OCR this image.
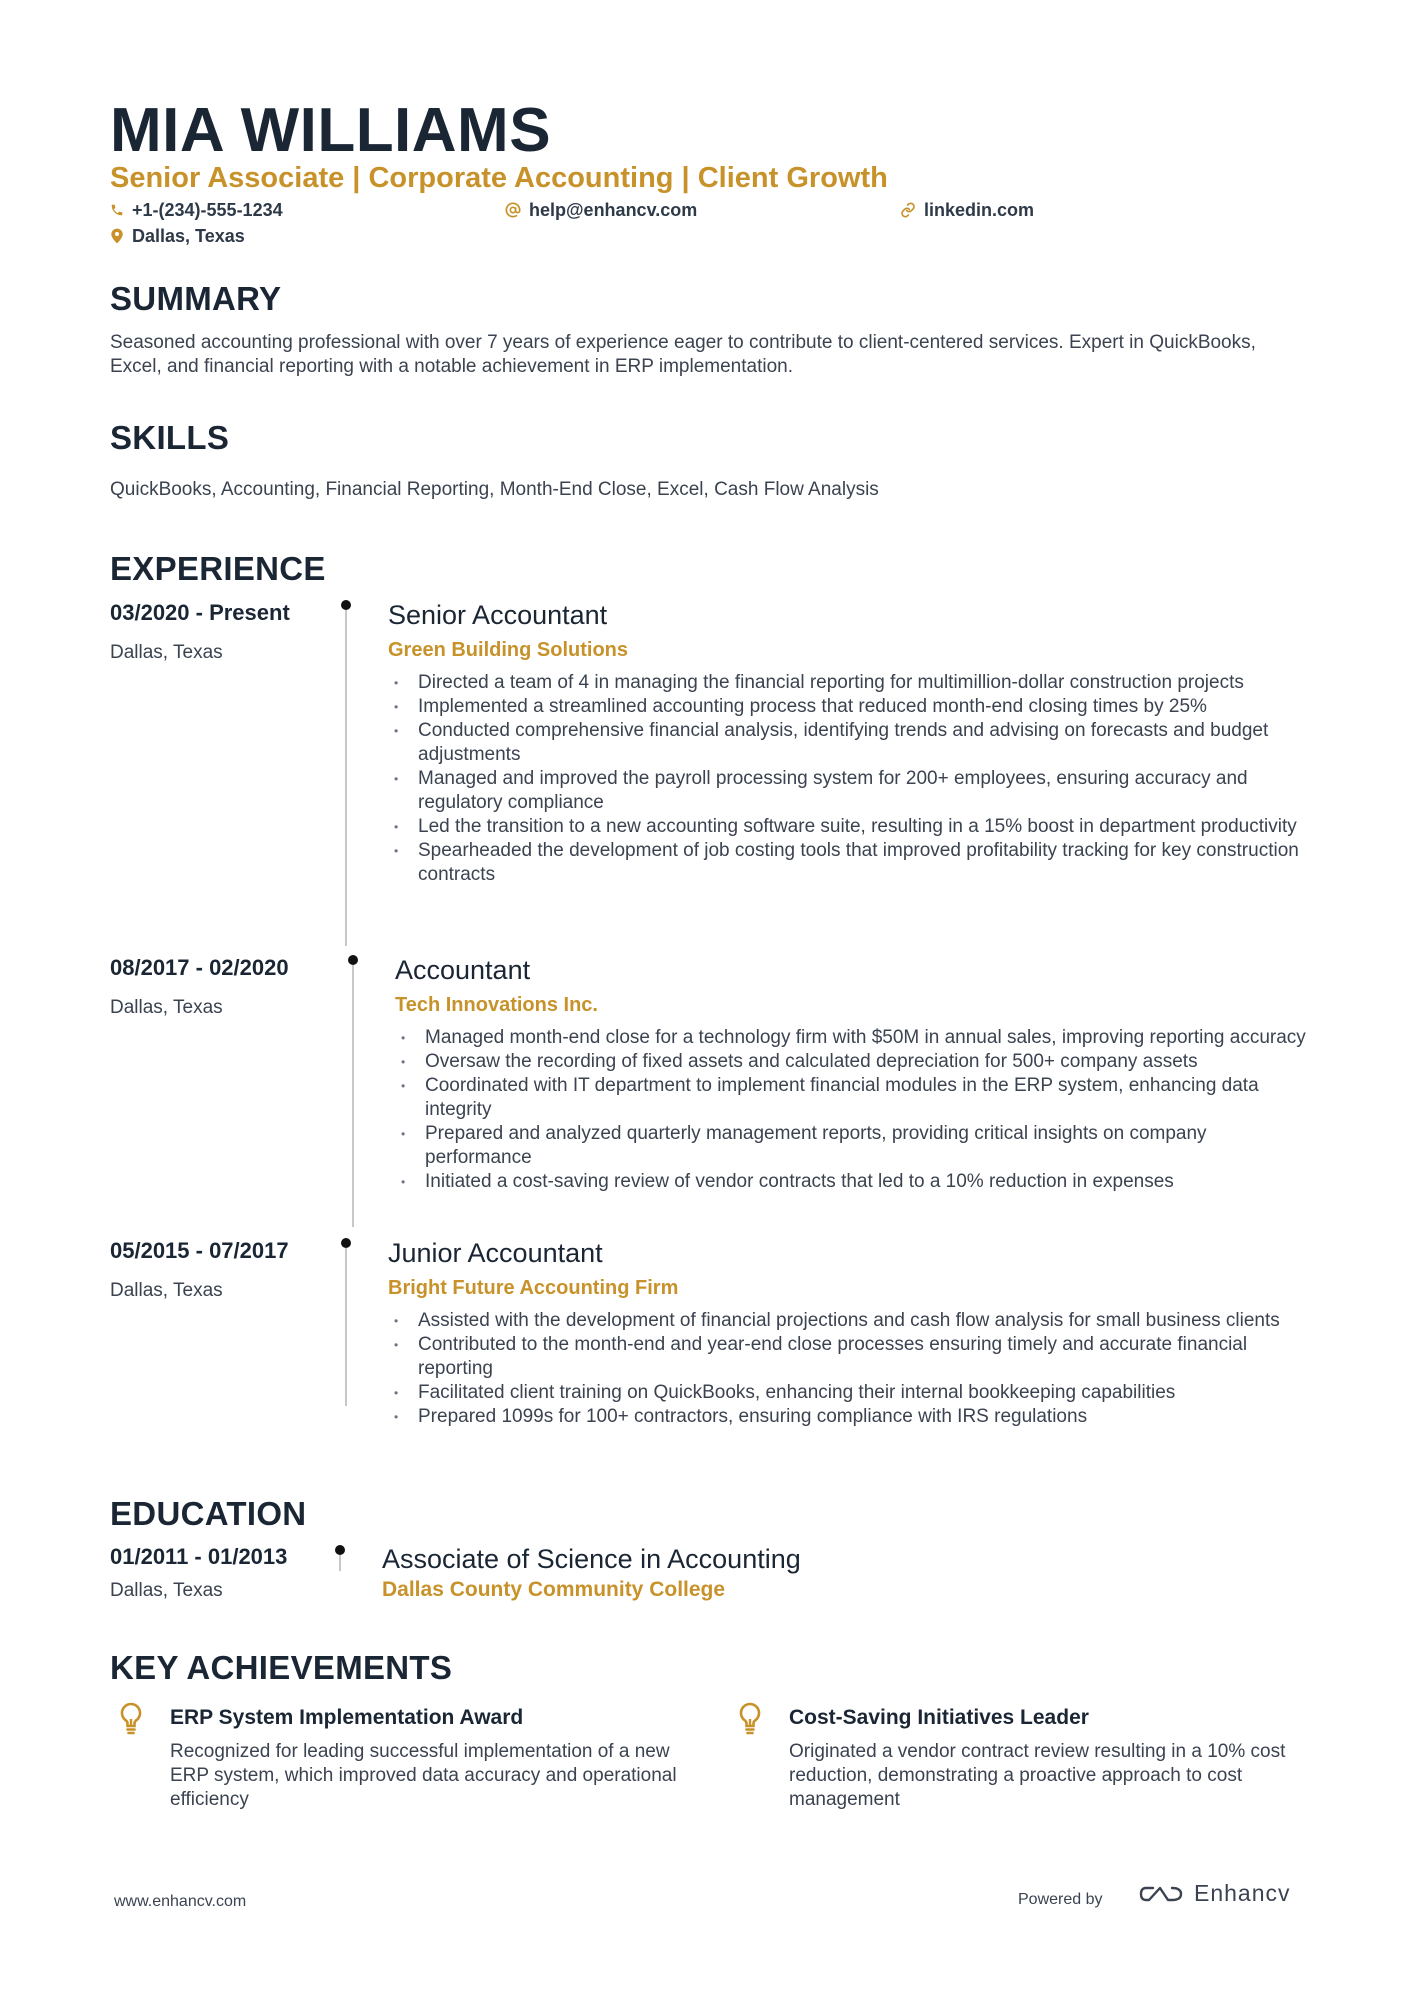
MIA WILLIAMS
Senior Associate | Corporate Accounting | Client Growth
+1-(234)-555-1234	help@enhancv.com	linkedin.com
Dallas, Texas
SUMMARY
Seasoned accounting professional with over 7 years of experience eager to contribute to client-centered services. Expert in QuickBooks, Excel, and financial reporting with a notable achievement in ERP implementation.
SKILLS
QuickBooks, Accounting, Financial Reporting, Month-End Close, Excel, Cash Flow Analysis
EXPERIENCE
03/2020 - Present
Dallas, Texas
Senior Accountant
Green Building Solutions
• Directed a team of 4 in managing the financial reporting for multimillion-dollar construction projects
• Implemented a streamlined accounting process that reduced month-end closing times by 25%
• Conducted comprehensive financial analysis, identifying trends and advising on forecasts and budget adjustments
• Managed and improved the payroll processing system for 200+ employees, ensuring accuracy and regulatory compliance
• Led the transition to a new accounting software suite, resulting in a 15% boost in department productivity
• Spearheaded the development of job costing tools that improved profitability tracking for key construction contracts
08/2017 - 02/2020
Dallas, Texas
Accountant
Tech Innovations Inc.
• Managed month-end close for a technology firm with $50M in annual sales, improving reporting accuracy
• Oversaw the recording of fixed assets and calculated depreciation for 500+ company assets
• Coordinated with IT department to implement financial modules in the ERP system, enhancing data integrity
• Prepared and analyzed quarterly management reports, providing critical insights on company performance
• Initiated a cost-saving review of vendor contracts that led to a 10% reduction in expenses
05/2015 - 07/2017
Dallas, Texas
Junior Accountant
Bright Future Accounting Firm
• Assisted with the development of financial projections and cash flow analysis for small business clients
• Contributed to the month-end and year-end close processes ensuring timely and accurate financial reporting
• Facilitated client training on QuickBooks, enhancing their internal bookkeeping capabilities
• Prepared 1099s for 100+ contractors, ensuring compliance with IRS regulations
EDUCATION
01/2011 - 01/2013
Dallas, Texas
Associate of Science in Accounting
Dallas County Community College
KEY ACHIEVEMENTS
ERP System Implementation Award
Recognized for leading successful implementation of a new ERP system, which improved data accuracy and operational efficiency
Cost-Saving Initiatives Leader
Originated a vendor contract review resulting in a 10% cost reduction, demonstrating a proactive approach to cost management
www.enhancv.com	Powered by	Enhancv
